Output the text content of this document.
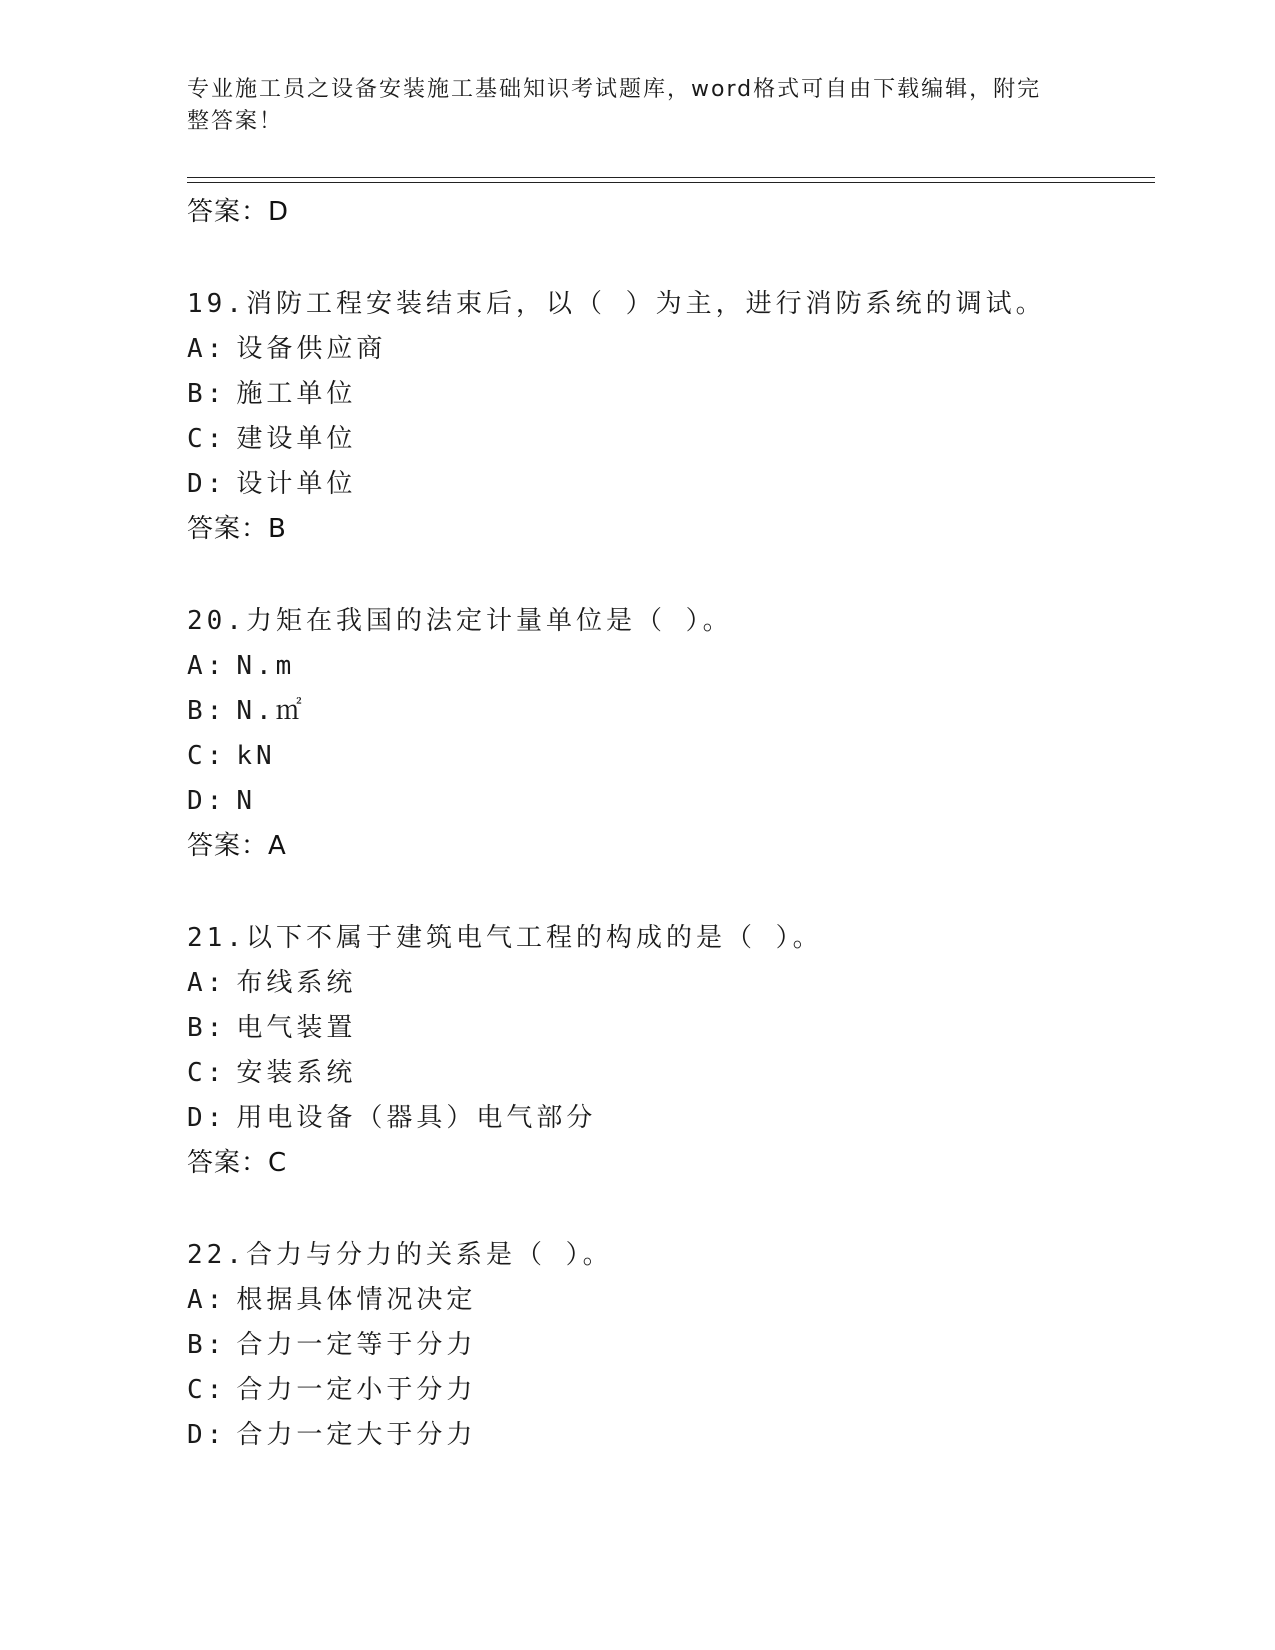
专业施工员之设备安装施工基础知识考试题库，word格式可自由下载编辑，附完
整答案！
答案：D
19.消防工程安装结束后，以（ ）为主，进行消防系统的调试。
A: 设备供应商
B: 施工单位
C: 建设单位
D: 设计单位
答案：B
20.力矩在我国的法定计量单位是（ ）。
A: N.m
B: N.㎡
C: kN
D: N
答案：A
21.以下不属于建筑电气工程的构成的是（ ）。
A: 布线系统
B: 电气装置
C: 安装系统
D: 用电设备（器具）电气部分
答案：C
22.合力与分力的关系是（ ）。
A: 根据具体情况决定
B: 合力一定等于分力
C: 合力一定小于分力
D: 合力一定大于分力
